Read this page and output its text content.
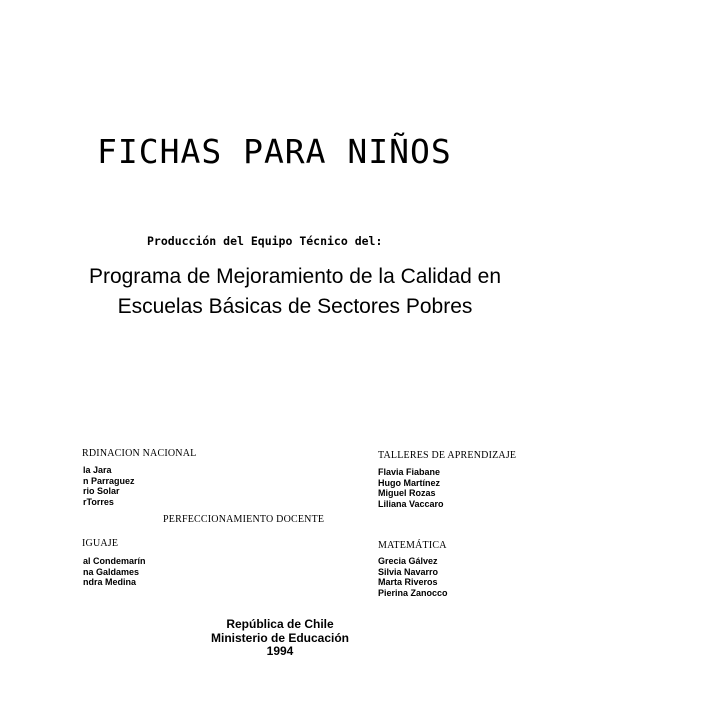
FICHAS PARA NIÑOS
Producción del Equipo Técnico del:
Programa de Mejoramiento de la Calidad en
Escuelas Básicas de Sectores Pobres
RDINACION NACIONAL
la Jara
n Parraguez
rio Solar
rTorres
TALLERES DE APRENDIZAJE
Flavia Fiabane
Hugo Martínez
Miguel Rozas
Liliana Vaccaro
PERFECCIONAMIENTO DOCENTE
IGUAJE
al Condemarín
na Galdames
ndra Medina
MATEMÁTICA
Grecia Gálvez
Silvia Navarro
Marta Riveros
Pierina Zanocco
República de Chile
Ministerio de Educación
1994
